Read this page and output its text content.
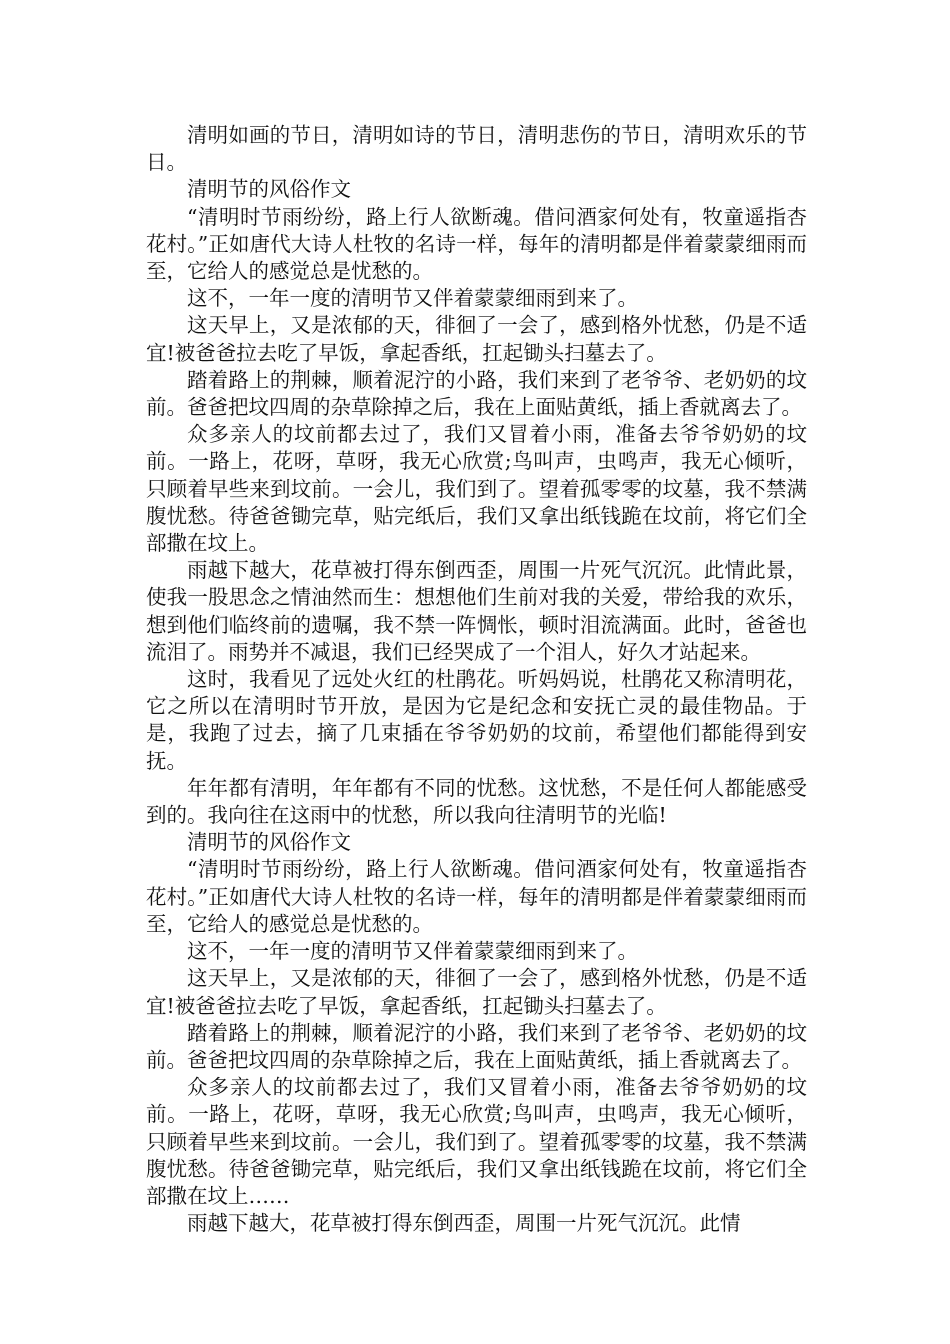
清明如画的节日，清明如诗的节日，清明悲伤的节日，清明欢乐的节日。

清明节的风俗作文

“清明时节雨纷纷，路上行人欲断魂。借问酒家何处有，牧童遥指杏花村。”正如唐代大诗人杜牧的名诗一样，每年的清明都是伴着蒙蒙细雨而至，它给人的感觉总是忧愁的。

这不，一年一度的清明节又伴着蒙蒙细雨到来了。

这天早上，又是浓郁的天，徘徊了一会了，感到格外忧愁，仍是不适宜!被爸爸拉去吃了早饭，拿起香纸，扛起锄头扫墓去了。

踏着路上的荆棘，顺着泥泞的小路，我们来到了老爷爷、老奶奶的坟前。爸爸把坟四周的杂草除掉之后，我在上面贴黄纸，插上香就离去了。

众多亲人的坟前都去过了，我们又冒着小雨，准备去爷爷奶奶的坟前。一路上，花呀，草呀，我无心欣赏;鸟叫声，虫鸣声，我无心倾听，只顾着早些来到坟前。一会儿，我们到了。望着孤零零的坟墓，我不禁满腹忧愁。待爸爸锄完草，贴完纸后，我们又拿出纸钱跪在坟前，将它们全部撒在坟上。

雨越下越大，花草被打得东倒西歪，周围一片死气沉沉。此情此景，使我一股思念之情油然而生：想想他们生前对我的关爱，带给我的欢乐，想到他们临终前的遗嘱，我不禁一阵惆怅，顿时泪流满面。此时，爸爸也流泪了。雨势并不减退，我们已经哭成了一个泪人，好久才站起来。

这时，我看见了远处火红的杜鹃花。听妈妈说，杜鹃花又称清明花，它之所以在清明时节开放，是因为它是纪念和安抚亡灵的最佳物品。于是，我跑了过去，摘了几束插在爷爷奶奶的坟前，希望他们都能得到安抚。

年年都有清明，年年都有不同的忧愁。这忧愁，不是任何人都能感受到的。我向往在这雨中的忧愁，所以我向往清明节的光临!

清明节的风俗作文

“清明时节雨纷纷，路上行人欲断魂。借问酒家何处有，牧童遥指杏花村。”正如唐代大诗人杜牧的名诗一样，每年的清明都是伴着蒙蒙细雨而至，它给人的感觉总是忧愁的。

这不，一年一度的清明节又伴着蒙蒙细雨到来了。

这天早上，又是浓郁的天，徘徊了一会了，感到格外忧愁，仍是不适宜!被爸爸拉去吃了早饭，拿起香纸，扛起锄头扫墓去了。

踏着路上的荆棘，顺着泥泞的小路，我们来到了老爷爷、老奶奶的坟前。爸爸把坟四周的杂草除掉之后，我在上面贴黄纸，插上香就离去了。

众多亲人的坟前都去过了，我们又冒着小雨，准备去爷爷奶奶的坟前。一路上，花呀，草呀，我无心欣赏;鸟叫声，虫鸣声，我无心倾听，只顾着早些来到坟前。一会儿，我们到了。望着孤零零的坟墓，我不禁满腹忧愁。待爸爸锄完草，贴完纸后，我们又拿出纸钱跪在坟前，将它们全部撒在坟上……

雨越下越大，花草被打得东倒西歪，周围一片死气沉沉。此情
